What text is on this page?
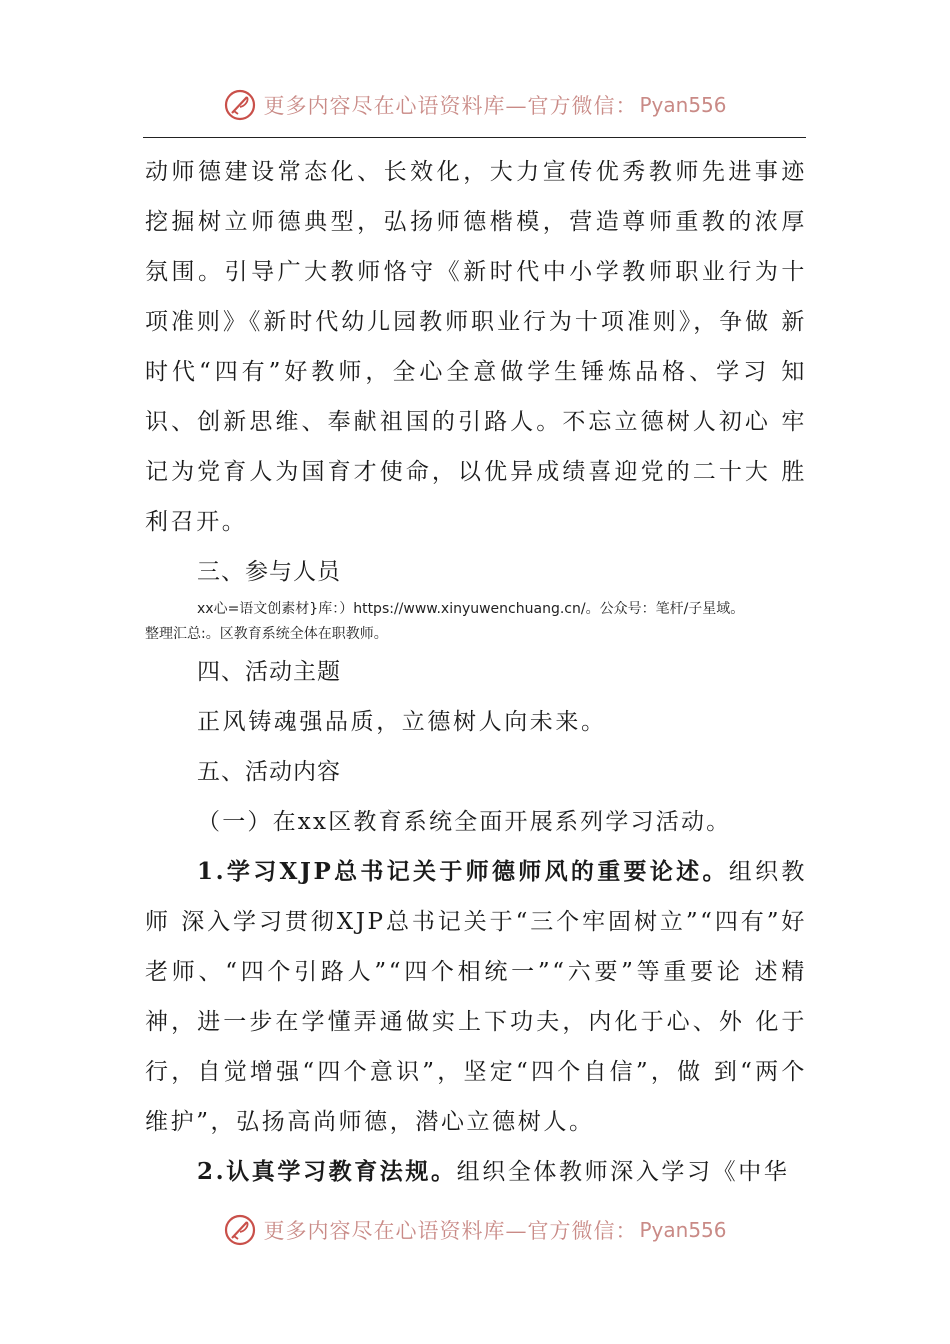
更多内容尽在心语资料库—官方微信： Pyan556

动师德建设常态化、长效化，大力宣传优秀教师先进事迹 挖掘树立师德典型，弘扬师德楷模，营造尊师重教的浓厚 氛围。引导广大教师恪守《新时代中小学教师职业行为十 项准则》《新时代幼儿园教师职业行为十项准则》，争做 新时代“四有”好教师，全心全意做学生锤炼品格、学习 知识、创新思维、奉献祖国的引路人。不忘立德树人初心 牢记为党育人为国育才使命，以优异成绩喜迎党的二十大 胜利召开。

三、参与人员

xx心=语文创素材}库：）https://www.xinyuwenchuang.cn/。公众号：笔杆/子星域。

整理汇总:。区教育系统全体在职教师。

四、活动主题

正风铸魂强品质，立德树人向未来。

五、活动内容

（一）在xx区教育系统全面开展系列学习活动。

1.学习XJP总书记关于师德师风的重要论述。组织教师 深入学习贯彻XJP总书记关于“三个牢固树立”“四有”好 老师、“四个引路人”“四个相统一”“六要”等重要论 述精神，进一步在学懂弄通做实上下功夫，内化于心、外 化于行，自觉增强“四个意识”，坚定“四个自信”，做 到“两个维护”，弘扬高尚师德，潜心立德树人。

2.认真学习教育法规。组织全体教师深入学习《中华

更多内容尽在心语资料库—官方微信： Pyan556
